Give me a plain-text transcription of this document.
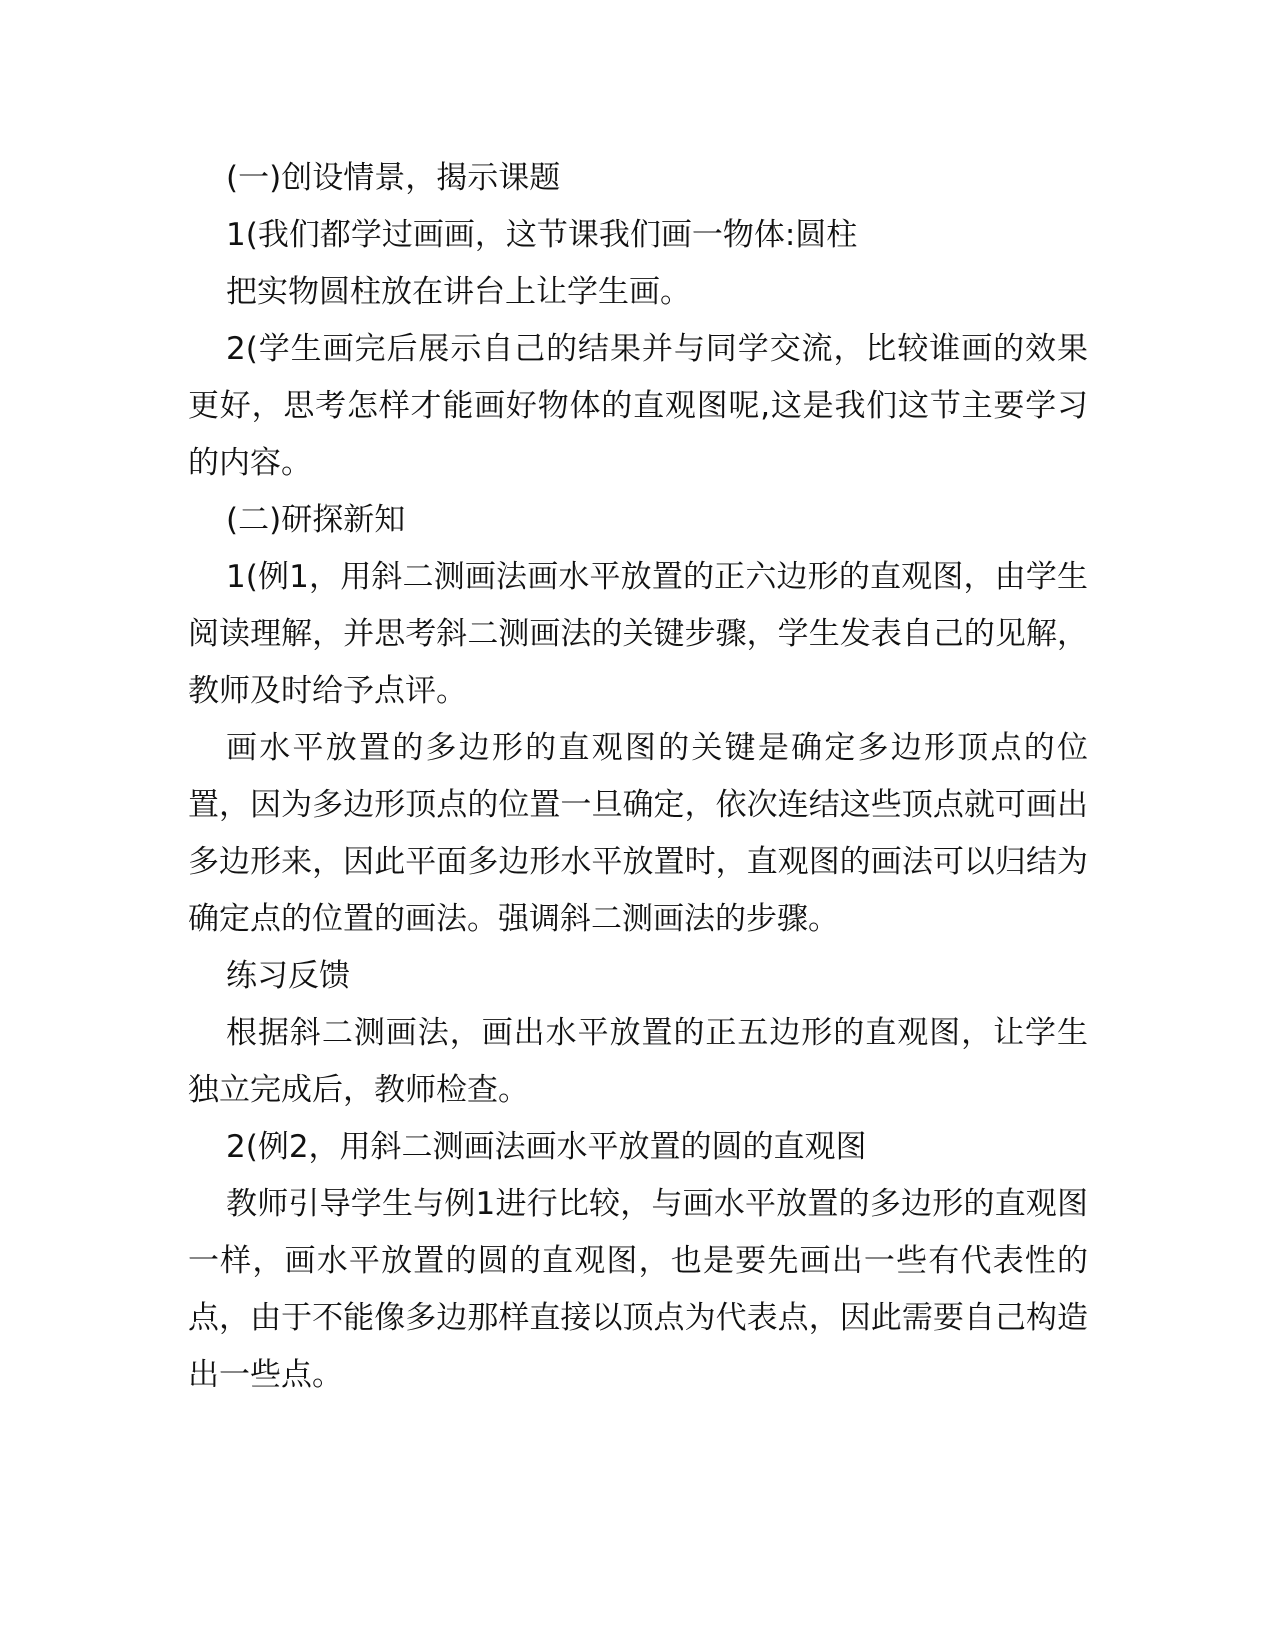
(一)创设情景，揭示课题

1(我们都学过画画，这节课我们画一物体:圆柱

把实物圆柱放在讲台上让学生画。

2(学生画完后展示自己的结果并与同学交流，比较谁画的效果更好，思考怎样才能画好物体的直观图呢,这是我们这节主要学习的内容。

(二)研探新知

1(例1，用斜二测画法画水平放置的正六边形的直观图，由学生阅读理解，并思考斜二测画法的关键步骤，学生发表自己的见解，教师及时给予点评。

画水平放置的多边形的直观图的关键是确定多边形顶点的位置，因为多边形顶点的位置一旦确定，依次连结这些顶点就可画出多边形来，因此平面多边形水平放置时，直观图的画法可以归结为确定点的位置的画法。强调斜二测画法的步骤。

练习反馈

根据斜二测画法，画出水平放置的正五边形的直观图，让学生独立完成后，教师检查。

2(例2，用斜二测画法画水平放置的圆的直观图

教师引导学生与例1进行比较，与画水平放置的多边形的直观图一样，画水平放置的圆的直观图，也是要先画出一些有代表性的点，由于不能像多边那样直接以顶点为代表点，因此需要自己构造出一些点。
